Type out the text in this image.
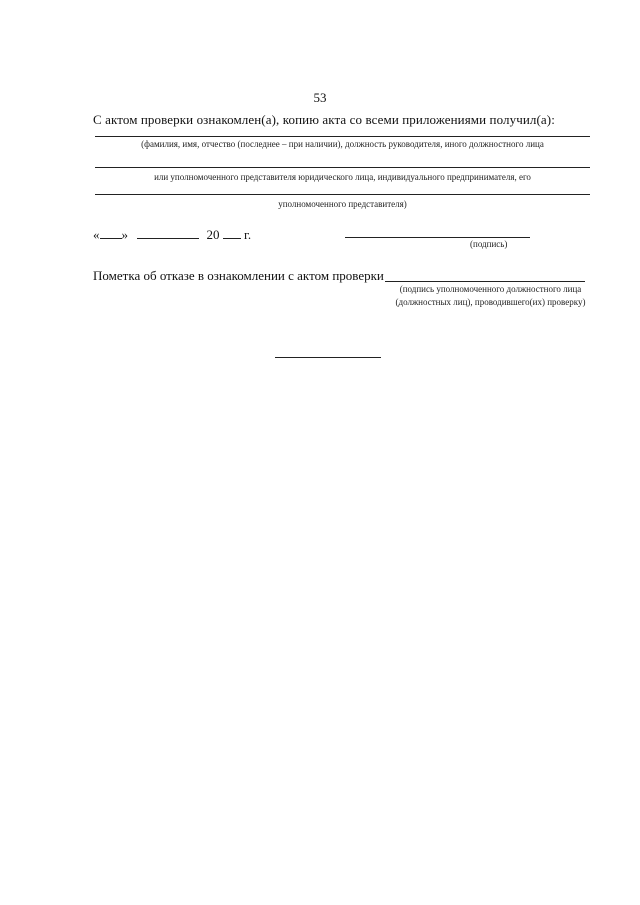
53
С актом проверки ознакомлен(а), копию акта со всеми приложениями получил(а):
(фамилия, имя, отчество (последнее – при наличии), должность руководителя, иного должностного лица
или уполномоченного представителя юридического лица, индивидуального предпринимателя, его
уполномоченного представителя)
« »	20 г.
(подпись)
Пометка об отказе в ознакомлении с актом проверки
(подпись уполномоченного должностного лица (должностных лиц), проводившего(их) проверку)
